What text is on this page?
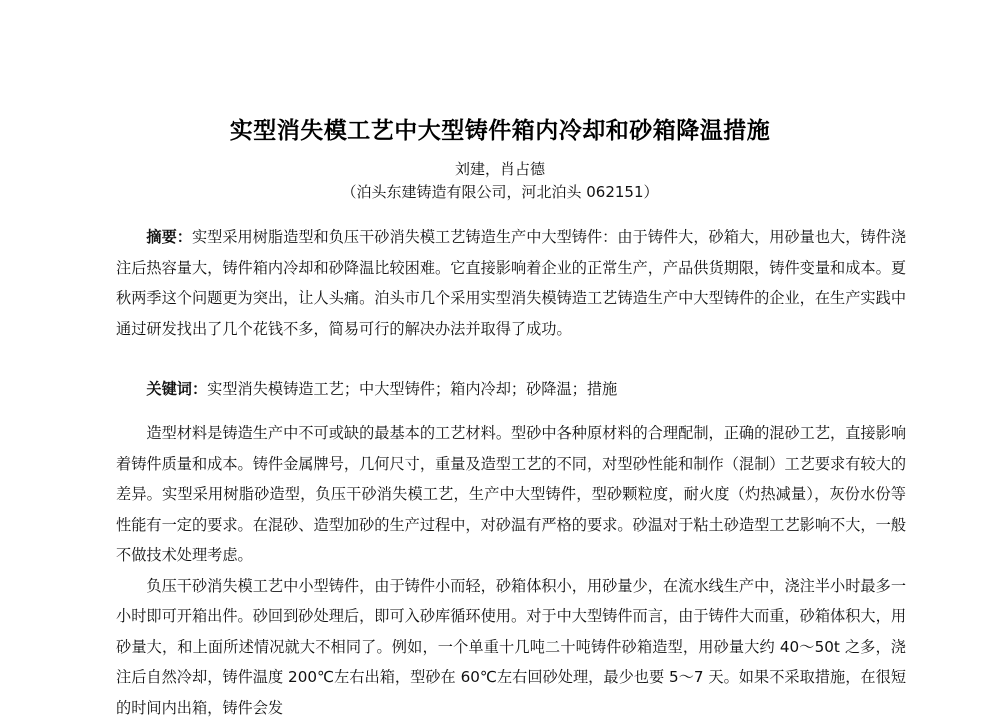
实型消失模工艺中大型铸件箱内冷却和砂箱降温措施
刘建，肖占德
（泊头东建铸造有限公司，河北泊头 062151）

摘要：实型采用树脂造型和负压干砂消失模工艺铸造生产中大型铸件：由于铸件大，砂箱大，用砂量也大，铸件浇注后热容量大，铸件箱内冷却和砂降温比较困难。它直接影响着企业的正常生产，产品供货期限，铸件变量和成本。夏秋两季这个问题更为突出，让人头痛。泊头市几个采用实型消失模铸造工艺铸造生产中大型铸件的企业，在生产实践中通过研发找出了几个花钱不多，简易可行的解决办法并取得了成功。

关键词：实型消失模铸造工艺；中大型铸件；箱内冷却；砂降温；措施

造型材料是铸造生产中不可或缺的最基本的工艺材料。型砂中各种原材料的合理配制，正确的混砂工艺，直接影响着铸件质量和成本。铸件金属牌号，几何尺寸，重量及造型工艺的不同，对型砂性能和制作（混制）工艺要求有较大的差异。实型采用树脂砂造型，负压干砂消失模工艺，生产中大型铸件，型砂颗粒度，耐火度（灼热减量），灰份水份等性能有一定的要求。在混砂、造型加砂的生产过程中，对砂温有严格的要求。砂温对于粘土砂造型工艺影响不大，一般不做技术处理考虑。

负压干砂消失模工艺中小型铸件，由于铸件小而轻，砂箱体积小，用砂量少，在流水线生产中，浇注半小时最多一小时即可开箱出件。砂回到砂处理后，即可入砂库循环使用。对于中大型铸件而言，由于铸件大而重，砂箱体积大，用砂量大，和上面所述情况就大不相同了。例如，一个单重十几吨二十吨铸件砂箱造型，用砂量大约 40～50t 之多，浇注后自然冷却，铸件温度 200℃左右出箱，型砂在 60℃左右回砂处理，最少也要 5～7 天。如果不采取措施，在很短的时间内出箱，铸件会发
